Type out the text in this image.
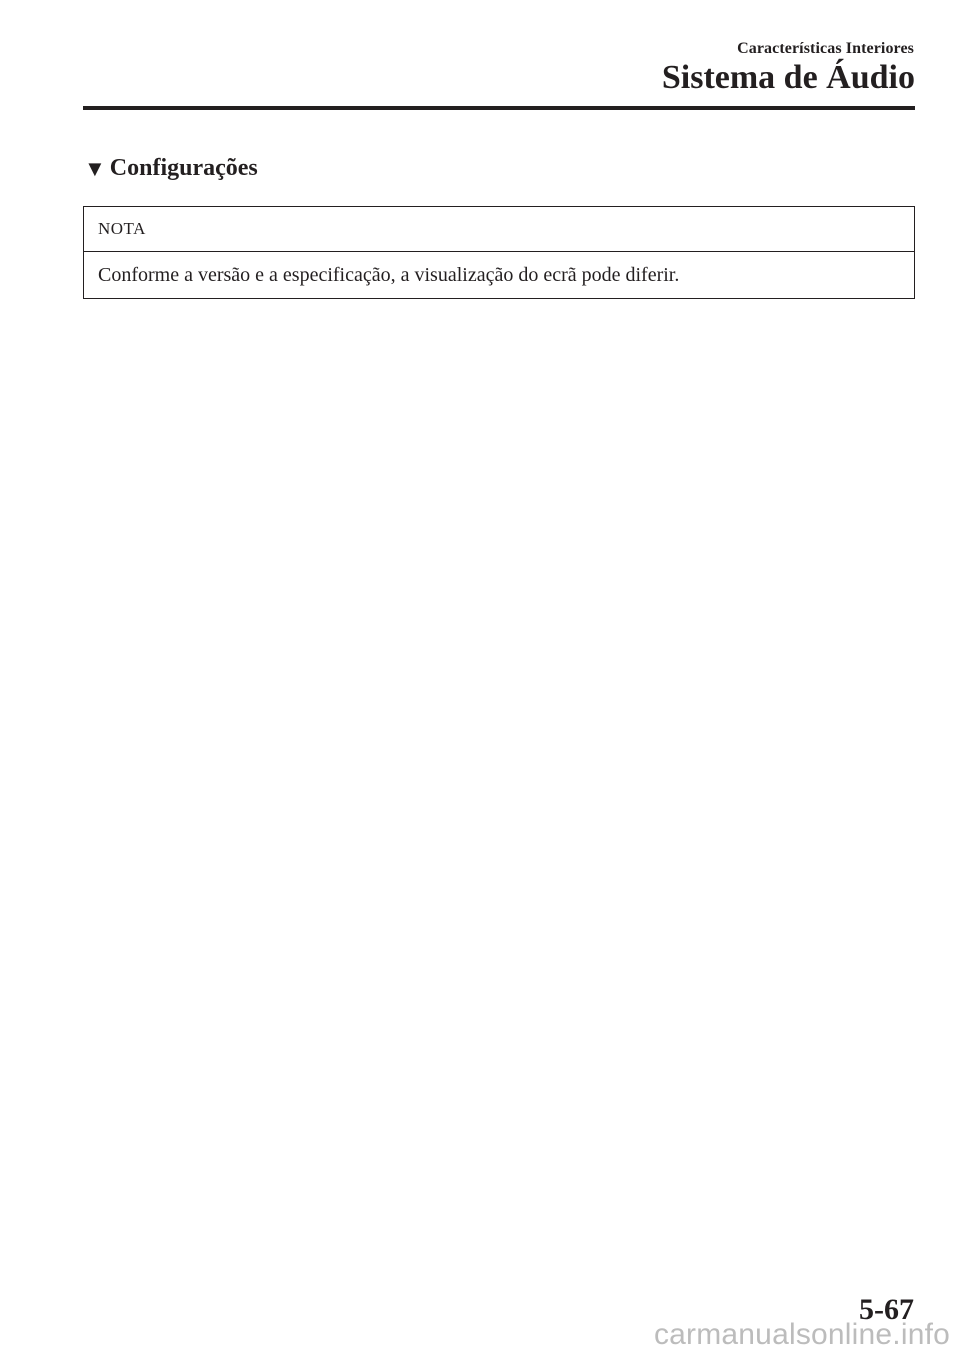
Características Interiores
Sistema de Áudio
▼ Configurações
NOTA
Conforme a versão e a especificação, a visualização do ecrã pode diferir.
5-67
carmanualsonline.info
